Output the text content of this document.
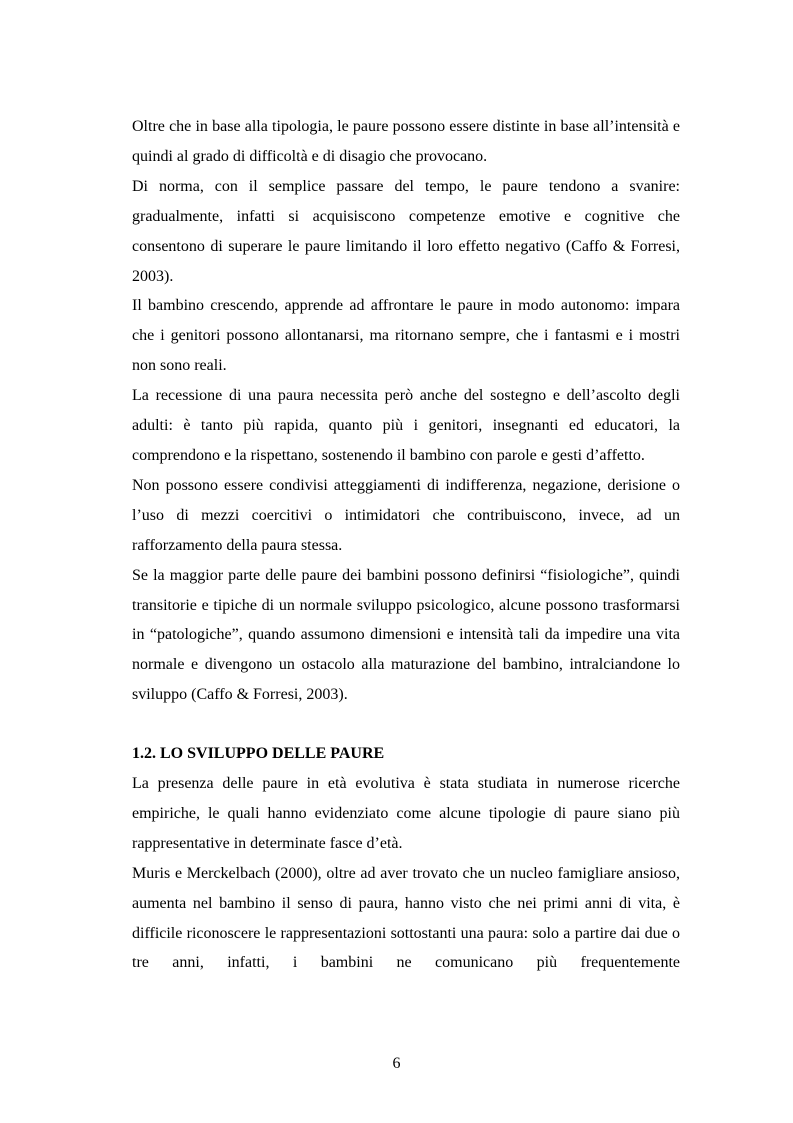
Oltre che in base alla tipologia, le paure possono essere distinte in base all’intensità e quindi al grado di difficoltà e di disagio che provocano.

Di norma, con il semplice passare del tempo, le paure tendono a svanire: gradualmente, infatti si acquisiscono competenze emotive e cognitive che consentono di superare le paure limitando il loro effetto negativo (Caffo & Forresi, 2003).

Il bambino crescendo, apprende ad affrontare le paure in modo autonomo: impara che i genitori possono allontanarsi, ma ritornano sempre, che i fantasmi e i mostri non sono reali.

La recessione di una paura necessita però anche del sostegno e dell’ascolto degli adulti: è tanto più rapida, quanto più i genitori, insegnanti ed educatori, la comprendono e la rispettano, sostenendo il bambino con parole e gesti d’affetto.

Non possono essere condivisi atteggiamenti di indifferenza, negazione, derisione o l’uso di mezzi coercitivi o intimidatori che contribuiscono, invece, ad un rafforzamento della paura stessa.

Se la maggior parte delle paure dei bambini possono definirsi “fisiologiche”, quindi transitorie e tipiche di un normale sviluppo psicologico, alcune possono trasformarsi in “patologiche”, quando assumono dimensioni e intensità tali da impedire una vita normale e divengono un ostacolo alla maturazione del bambino, intralciandone lo sviluppo (Caffo & Forresi, 2003).

1.2. LO SVILUPPO DELLE PAURE

La presenza delle paure in età evolutiva è stata studiata in numerose ricerche empiriche, le quali hanno evidenziato come alcune tipologie di paure siano più rappresentative in determinate fasce d’età.

Muris e Merckelbach (2000), oltre ad aver trovato che un nucleo famigliare ansioso, aumenta nel bambino il senso di paura, hanno visto che nei primi anni di vita, è difficile riconoscere le rappresentazioni sottostanti una paura: solo a partire dai due o tre anni, infatti, i bambini ne comunicano più frequentemente

6
